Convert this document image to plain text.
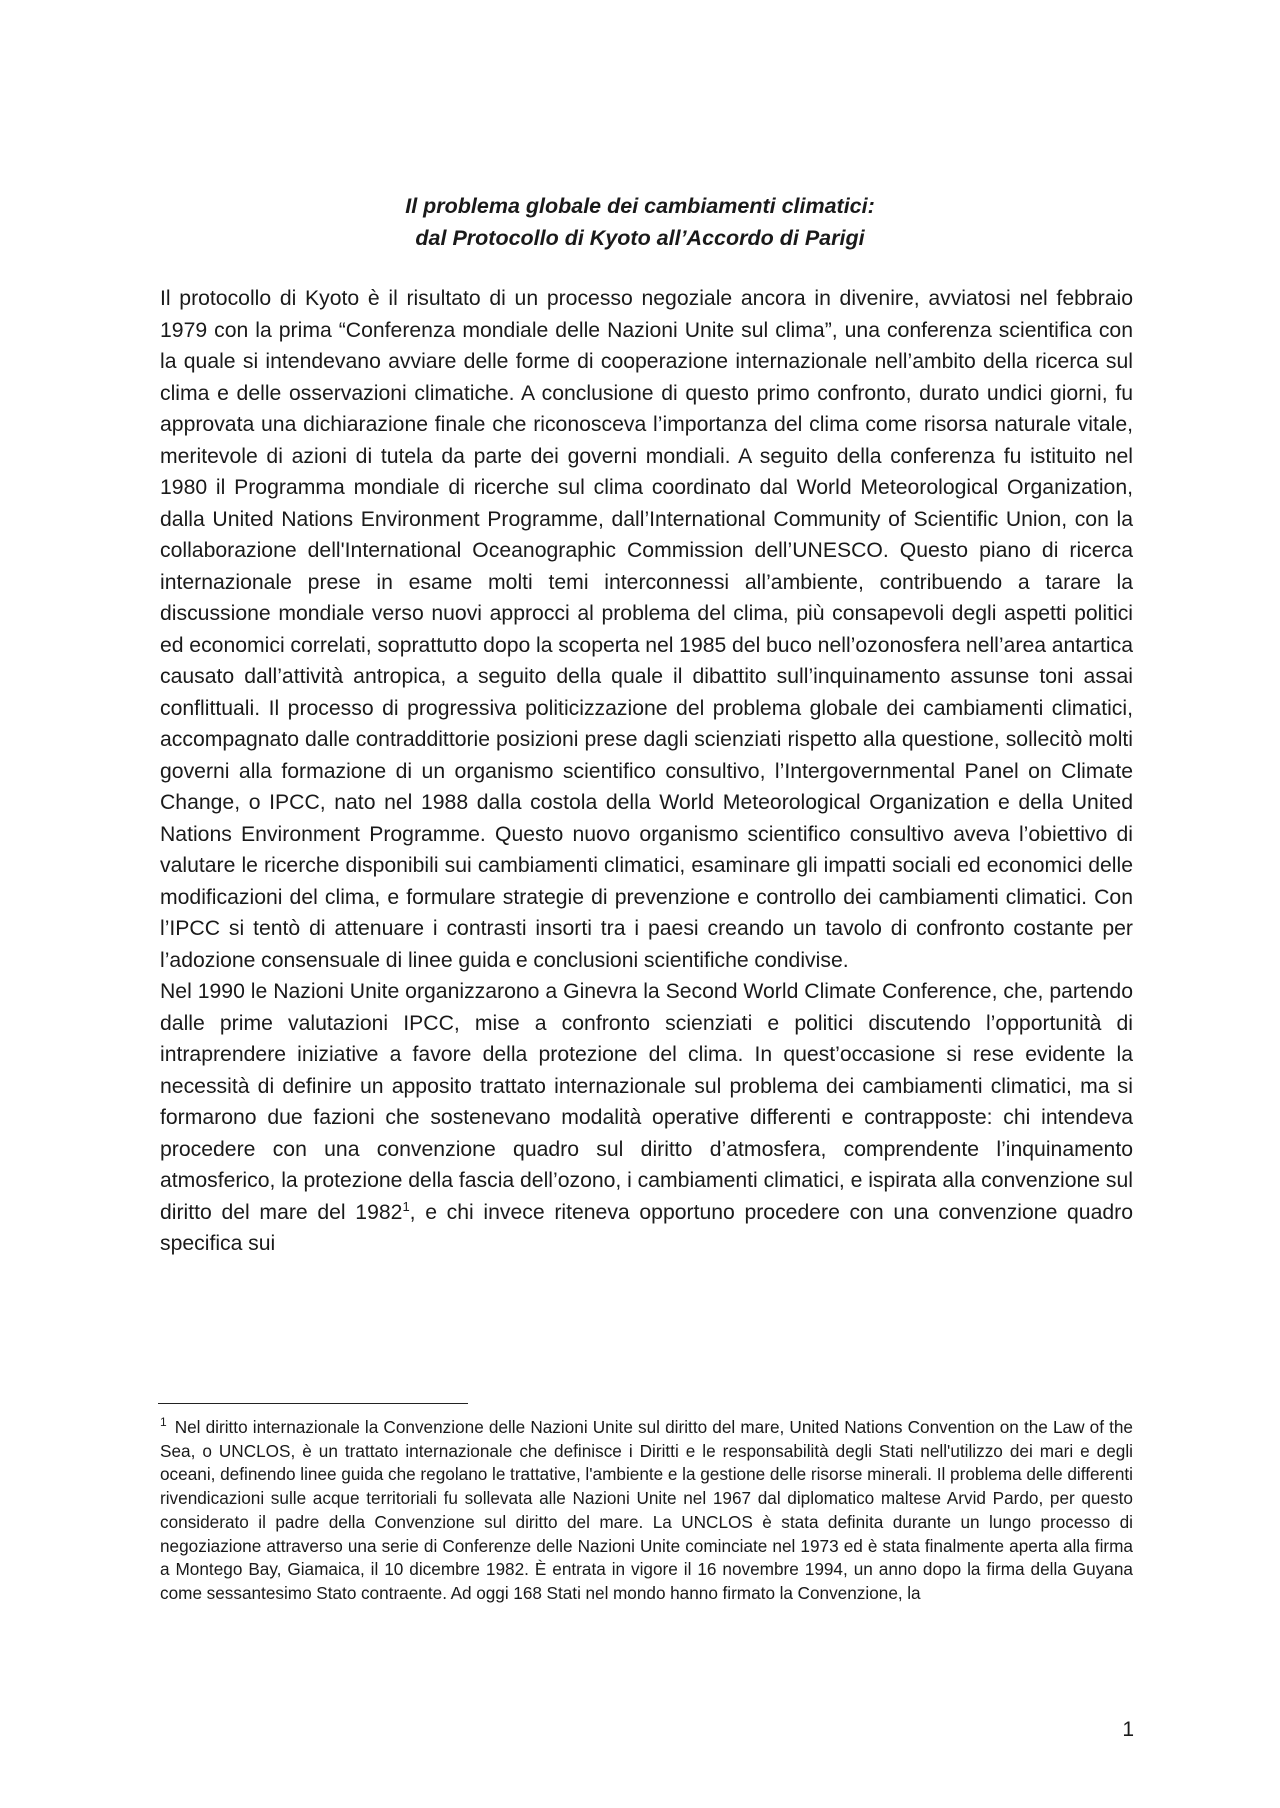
Il problema globale dei cambiamenti climatici:
dal Protocollo di Kyoto all’Accordo di Parigi

Il protocollo di Kyoto è il risultato di un processo negoziale ancora in divenire, avviatosi nel febbraio 1979 con la prima “Conferenza mondiale delle Nazioni Unite sul clima”, una conferenza scientifica con la quale si intendevano avviare delle forme di cooperazione internazionale nell’ambito della ricerca sul clima e delle osservazioni climatiche. A conclusione di questo primo confronto, durato undici giorni, fu approvata una dichiarazione finale che riconosceva l’importanza del clima come risorsa naturale vitale, meritevole di azioni di tutela da parte dei governi mondiali. A seguito della conferenza fu istituito nel 1980 il Programma mondiale di ricerche sul clima coordinato dal World Meteorological Organization, dalla United Nations Environment Programme, dall’International Community of Scientific Union, con la collaborazione dell'International Oceanographic Commission dell’UNESCO. Questo piano di ricerca internazionale prese in esame molti temi interconnessi all’ambiente, contribuendo a tarare la discussione mondiale verso nuovi approcci al problema del clima, più consapevoli degli aspetti politici ed economici correlati, soprattutto dopo la scoperta nel 1985 del buco nell’ozonosfera nell’area antartica causato dall’attività antropica, a seguito della quale il dibattito sull’inquinamento assunse toni assai conflittuali. Il processo di progressiva politicizzazione del problema globale dei cambiamenti climatici, accompagnato dalle contraddittorie posizioni prese dagli scienziati rispetto alla questione, sollecitò molti governi alla formazione di un organismo scientifico consultivo, l’Intergovernmental Panel on Climate Change, o IPCC, nato nel 1988 dalla costola della World Meteorological Organization e della United Nations Environment Programme. Questo nuovo organismo scientifico consultivo aveva l’obiettivo di valutare le ricerche disponibili sui cambiamenti climatici, esaminare gli impatti sociali ed economici delle modificazioni del clima, e formulare strategie di prevenzione e controllo dei cambiamenti climatici. Con l’IPCC si tentò di attenuare i contrasti insorti tra i paesi creando un tavolo di confronto costante per l’adozione consensuale di linee guida e conclusioni scientifiche condivise.

Nel 1990 le Nazioni Unite organizzarono a Ginevra la Second World Climate Conference, che, partendo dalle prime valutazioni IPCC, mise a confronto scienziati e politici discutendo l’opportunità di intraprendere iniziative a favore della protezione del clima. In quest’occasione si rese evidente la necessità di definire un apposito trattato internazionale sul problema dei cambiamenti climatici, ma si formarono due fazioni che sostenevano modalità operative differenti e contrapposte: chi intendeva procedere con una convenzione quadro sul diritto d’atmosfera, comprendente l’inquinamento atmosferico, la protezione della fascia dell’ozono, i cambiamenti climatici, e ispirata alla convenzione sul diritto del mare del 1982$^1$, e chi invece riteneva opportuno procedere con una convenzione quadro specifica sui

$^1$ Nel diritto internazionale la Convenzione delle Nazioni Unite sul diritto del mare, United Nations Convention on the Law of the Sea, o UNCLOS, è un trattato internazionale che definisce i Diritti e le responsabilità degli Stati nell'utilizzo dei mari e degli oceani, definendo linee guida che regolano le trattative, l'ambiente e la gestione delle risorse minerali. Il problema delle differenti rivendicazioni sulle acque territoriali fu sollevata alle Nazioni Unite nel 1967 dal diplomatico maltese Arvid Pardo, per questo considerato il padre della Convenzione sul diritto del mare. La UNCLOS è stata definita durante un lungo processo di negoziazione attraverso una serie di Conferenze delle Nazioni Unite cominciate nel 1973 ed è stata finalmente aperta alla firma a Montego Bay, Giamaica, il 10 dicembre 1982. È entrata in vigore il 16 novembre 1994, un anno dopo la firma della Guyana come sessantesimo Stato contraente. Ad oggi 168 Stati nel mondo hanno firmato la Convenzione, la

1
